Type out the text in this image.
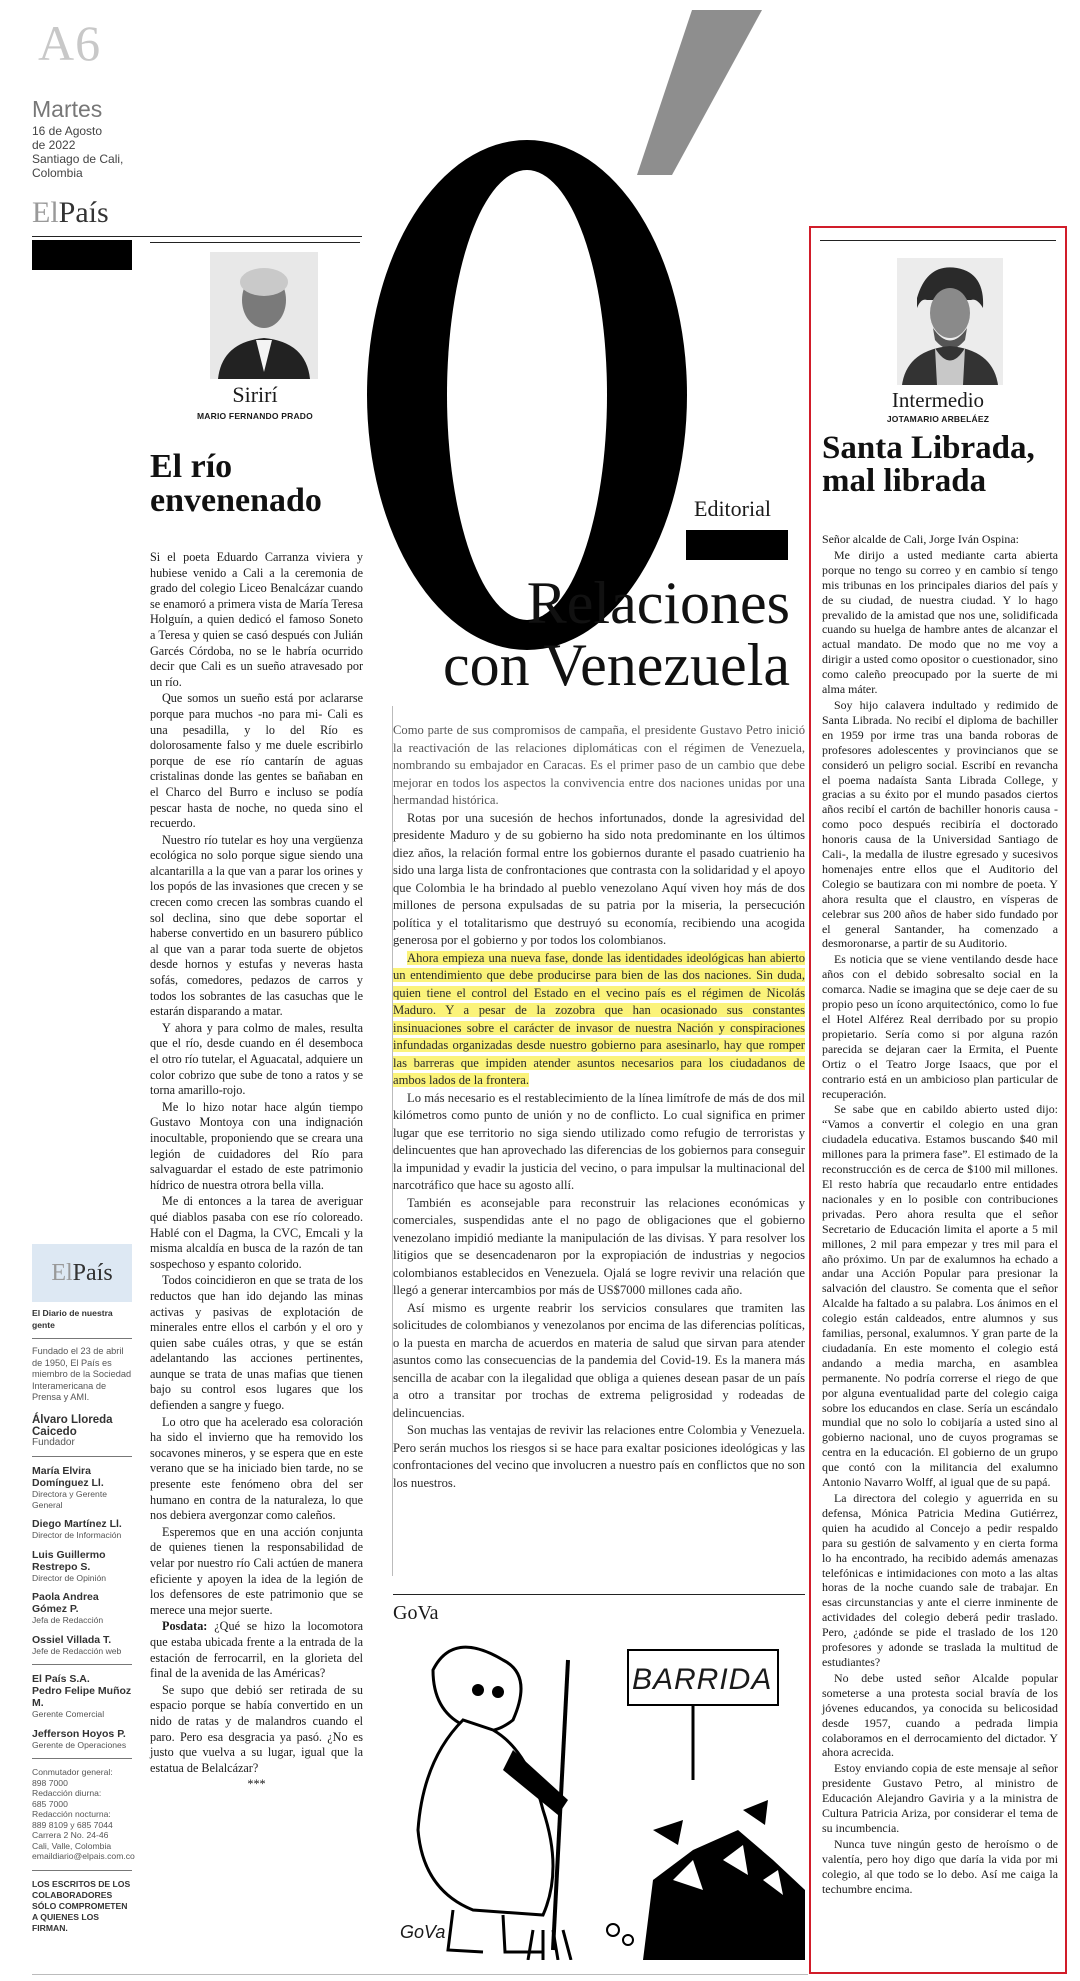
A6
Martes
16 de Agosto
de 2022
Santiago de Cali,
Colombia
ElPaís
Sirirí
MARIO FERNANDO PRADO
El río
envenenado

Si el poeta Eduardo Carranza viviera y hubiese venido a Cali a la ceremonia de grado del colegio Liceo Benalcázar cuando se enamoró a primera vista de María Teresa Holguín, a quien dedicó el famoso Soneto a Teresa y quien se casó después con Julián Garcés Córdoba, no se le habría ocurrido decir que Cali es un sueño atravesado por un río.

Que somos un sueño está por aclararse porque para muchos -no para mi- Cali es una pesadilla, y lo del Río es dolorosamente falso y me duele escribirlo porque de ese río cantarín de aguas cristalinas donde las gentes se bañaban en el Charco del Burro e incluso se podía pescar hasta de noche, no queda sino el recuerdo.

Nuestro río tutelar es hoy una vergüenza ecológica no solo porque sigue siendo una alcantarilla a la que van a parar los orines y los popós de las invasiones que crecen y se crecen como crecen las sombras cuando el sol declina, sino que debe soportar el haberse convertido en un basurero público al que van a parar toda suerte de objetos desde hornos y estufas y neveras hasta sofás, comedores, pedazos de carros y todos los sobrantes de las casuchas que le estarán disparando a matar.

Y ahora y para colmo de males, resulta que el río, desde cuando en él desemboca el otro río tutelar, el Aguacatal, adquiere un color cobrizo que sube de tono a ratos y se torna amarillo-rojo.

Me lo hizo notar hace algún tiempo Gustavo Montoya con una indignación inocultable, proponiendo que se creara una legión de cuidadores del Río para salvaguardar el estado de este patrimonio hídrico de nuestra otrora bella villa.

Me di entonces a la tarea de averiguar qué diablos pasaba con ese río coloreado. Hablé con el Dagma, la CVC, Emcali y la misma alcaldía en busca de la razón de tan sospechoso y espanto colorido.

Todos coincidieron en que se trata de los reductos que han ido dejando las minas activas y pasivas de explotación de minerales entre ellos el carbón y el oro y quien sabe cuáles otras, y que se están adelantando las acciones pertinentes, aunque se trata de unas mafias que tienen bajo su control esos lugares que los defienden a sangre y fuego.

Lo otro que ha acelerado esa coloración ha sido el invierno que ha removido los socavones mineros, y se espera que en este verano que se ha iniciado bien tarde, no se presente este fenómeno obra del ser humano en contra de la naturaleza, lo que nos debiera avergonzar como caleños.

Esperemos que en una acción conjunta de quienes tienen la responsabilidad de velar por nuestro río Cali actúen de manera eficiente y apoyen la idea de la legión de los defensores de este patrimonio que se merece una mejor suerte.

Posdata: ¿Qué se hizo la locomotora que estaba ubicada frente a la entrada de la estación de ferrocarril, en la glorieta del final de la avenida de las Américas?

Se supo que debió ser retirada de su espacio porque se había convertido en un nido de ratas y de malandros cuando el paro. Pero esa desgracia ya pasó. ¿No es justo que vuelva a su lugar, igual que la estatua de Belalcázar?

***

Editorial
Relaciones
con Venezuela

Como parte de sus compromisos de campaña, el presidente Gustavo Petro inició la reactivación de las relaciones diplomáticas con el régimen de Venezuela, nombrando su embajador en Caracas. Es el primer paso de un cambio que debe mejorar en todos los aspectos la convivencia entre dos naciones unidas por una hermandad histórica.

Rotas por una sucesión de hechos infortunados, donde la agresividad del presidente Maduro y de su gobierno ha sido nota predominante en los últimos diez años, la relación formal entre los gobiernos durante el pasado cuatrienio ha sido una larga lista de confrontaciones que contrasta con la solidaridad y el apoyo que Colombia le ha brindado al pueblo venezolano Aquí viven hoy más de dos millones de persona expulsadas de su patria por la miseria, la persecución política y el totalitarismo que destruyó su economía, recibiendo una acogida generosa por el gobierno y por todos los colombianos.

Ahora empieza una nueva fase, donde las identidades ideológicas han abierto un entendimiento que debe producirse para bien de las dos naciones. Sin duda, quien tiene el control del Estado en el vecino país es el régimen de Nicolás Maduro. Y a pesar de la zozobra que han ocasionado sus constantes insinuaciones sobre el carácter de invasor de nuestra Nación y conspiraciones infundadas organizadas desde nuestro gobierno para asesinarlo, hay que romper las barreras que impiden atender asuntos necesarios para los ciudadanos de ambos lados de la frontera.

Lo más necesario es el restablecimiento de la línea limítrofe de más de dos mil kilómetros como punto de unión y no de conflicto. Lo cual significa en primer lugar que ese territorio no siga siendo utilizado como refugio de terroristas y delincuentes que han aprovechado las diferencias de los gobiernos para conseguir la impunidad y evadir la justicia del vecino, o para impulsar la multinacional del narcotráfico que hace su agosto allí.

También es aconsejable para reconstruir las relaciones económicas y comerciales, suspendidas ante el no pago de obligaciones que el gobierno venezolano impidió mediante la manipulación de las divisas. Y para resolver los litigios que se desencadenaron por la expropiación de industrias y negocios colombianos establecidos en Venezuela. Ojalá se logre revivir una relación que llegó a generar intercambios por más de US$7000 millones cada año.

Así mismo es urgente reabrir los servicios consulares que tramiten las solicitudes de colombianos y venezolanos por encima de las diferencias políticas, o la puesta en marcha de acuerdos en materia de salud que sirvan para atender asuntos como las consecuencias de la pandemia del Covid-19. Es la manera más sencilla de acabar con la ilegalidad que obliga a quienes desean pasar de un país a otro a transitar por trochas de extrema peligrosidad y rodeadas de delincuencias.

Son muchas las ventajas de revivir las relaciones entre Colombia y Venezuela. Pero serán muchos los riesgos si se hace para exaltar posiciones ideológicas y las confrontaciones del vecino que involucren a nuestro país en conflictos que no son los nuestros.

GoVa
BARRIDA
GoVa
El País
El Diario de nuestra gente
Fundado el 23 de abril de 1950, El País es miembro de la Sociedad Interamericana de Prensa y AMI.
Álvaro Lloreda Caicedo
Fundador
María Elvira Domínguez Ll.
Directora y Gerente General
Diego Martínez Ll.
Director de Información
Luis Guillermo Restrepo S.
Director de Opinión
Paola Andrea Gómez P.
Jefa de Redacción
Ossiel Villada T.
Jefe de Redacción web
El País S.A.
Pedro Felipe Muñoz M.
Gerente Comercial
Jefferson Hoyos P.
Gerente de Operaciones
Conmutador general:
898 7000
Redacción diurna:
685 7000
Redacción nocturna:
889 8109 y 685 7044
Carrera 2 No. 24-46
Cali, Valle, Colombia
emaildiario@elpais.com.co
LOS ESCRITOS DE LOS COLABORADORES SÓLO COMPROMETEN A QUIENES LOS FIRMAN.
Intermedio
JOTAMARIO ARBELÁEZ
Santa Librada,
mal librada

Señor alcalde de Cali, Jorge Iván Ospina:

Me dirijo a usted mediante carta abierta porque no tengo su correo y en cambio sí tengo mis tribunas en los principales diarios del país y de su ciudad, de nuestra ciudad. Y lo hago prevalido de la amistad que nos une, solidificada cuando su huelga de hambre antes de alcanzar el actual mandato. De modo que no me voy a dirigir a usted como opositor o cuestionador, sino como caleño preocupado por la suerte de mi alma máter.

Soy hijo calavera indultado y redimido de Santa Librada. No recibí el diploma de bachiller en 1959 por irme tras una banda roboras de profesores adolescentes y provincianos que se consideró un peligro social. Escribí en revancha el poema nadaísta Santa Librada College, y gracias a su éxito por el mundo pasados ciertos años recibí el cartón de bachiller honoris causa -como poco después recibiría el doctorado honoris causa de la Universidad Santiago de Cali-, la medalla de ilustre egresado y sucesivos homenajes entre ellos que el Auditorio del Colegio se bautizara con mi nombre de poeta. Y ahora resulta que el claustro, en vísperas de celebrar sus 200 años de haber sido fundado por el general Santander, ha comenzado a desmoronarse, a partir de su Auditorio.

Es noticia que se viene ventilando desde hace años con el debido sobresalto social en la comarca. Nadie se imagina que se deje caer de su propio peso un ícono arquitectónico, como lo fue el Hotel Alférez Real derribado por su propio propietario. Sería como si por alguna razón parecida se dejaran caer la Ermita, el Puente Ortiz o el Teatro Jorge Isaacs, que por el contrario está en un ambicioso plan particular de recuperación.

Se sabe que en cabildo abierto usted dijo: “Vamos a convertir el colegio en una gran ciudadela educativa. Estamos buscando $40 mil millones para la primera fase”. El estimado de la reconstrucción es de cerca de $100 mil millones. El resto habría que recaudarlo entre entidades nacionales y en lo posible con contribuciones privadas. Pero ahora resulta que el señor Secretario de Educación limita el aporte a 5 mil millones, 2 mil para empezar y tres mil para el año próximo. Un par de exalumnos ha echado a andar una Acción Popular para presionar la salvación del claustro. Se comenta que el señor Alcalde ha faltado a su palabra. Los ánimos en el colegio están caldeados, entre alumnos y sus familias, personal, exalumnos. Y gran parte de la ciudadanía. En este momento el colegio está andando a media marcha, en asamblea permanente. No podría correrse el riego de que por alguna eventualidad parte del colegio caiga sobre los educandos en clase. Sería un escándalo mundial que no solo lo cobijaría a usted sino al gobierno nacional, uno de cuyos programas se centra en la educación. El gobierno de un grupo que contó con la militancia del exalumno Antonio Navarro Wolff, al igual que de su papá.

La directora del colegio y aguerrida en su defensa, Mónica Patricia Medina Gutiérrez, quien ha acudido al Concejo a pedir respaldo para su gestión de salvamento y en cierta forma lo ha encontrado, ha recibido además amenazas telefónicas e intimidaciones con moto a las altas horas de la noche cuando sale de trabajar. En esas circunstancias y ante el cierre inminente de actividades del colegio deberá pedir traslado. Pero, ¿adónde se pide el traslado de los 120 profesores y adonde se traslada la multitud de estudiantes?

No debe usted señor Alcalde popular someterse a una protesta social bravía de los jóvenes educandos, ya conocida su belicosidad desde 1957, cuando a pedrada limpia colaboramos en el derrocamiento del dictador. Y ahora acrecida.

Estoy enviando copia de este mensaje al señor presidente Gustavo Petro, al ministro de Educación Alejandro Gaviria y a la ministra de Cultura Patricia Ariza, por considerar el tema de su incumbencia.

Nunca tuve ningún gesto de heroísmo o de valentía, pero hoy digo que daría la vida por mi colegio, al que todo se lo debo. Así me caiga la techumbre encima.
